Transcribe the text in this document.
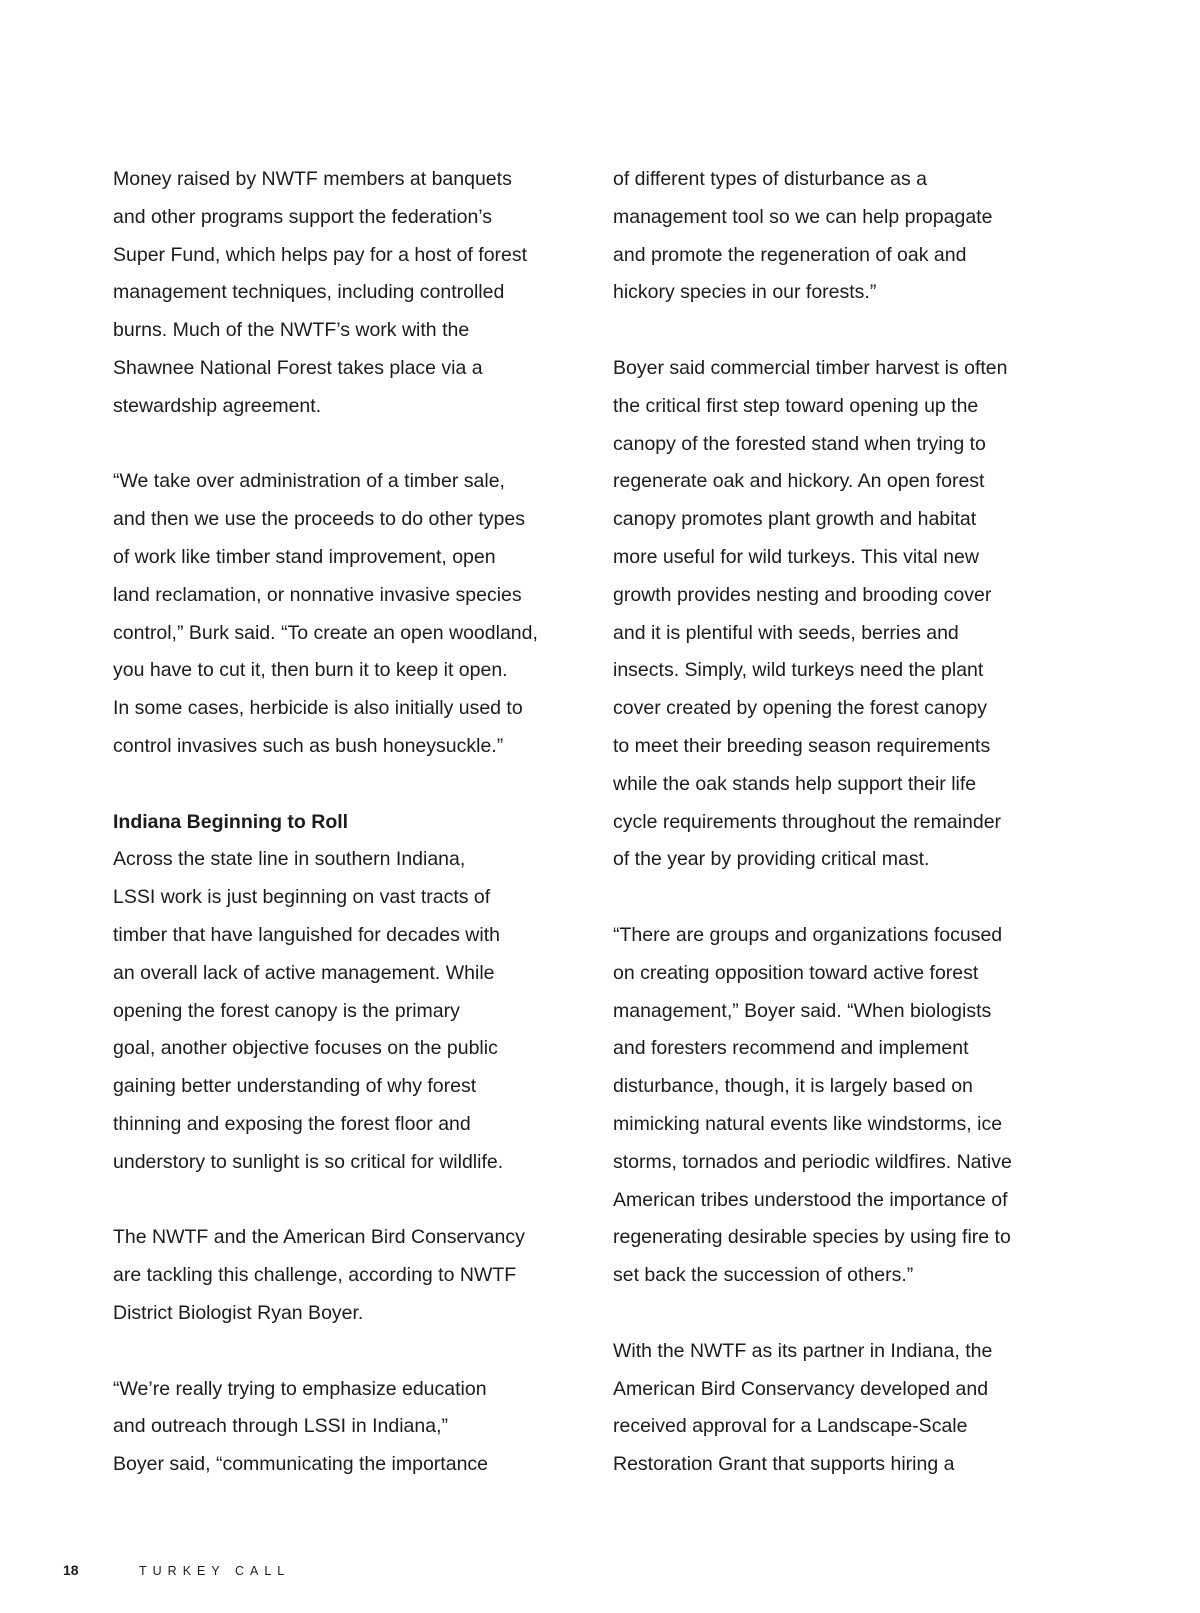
Money raised by NWTF members at banquets
and other programs support the federation’s
Super Fund, which helps pay for a host of forest
management techniques, including controlled
burns. Much of the NWTF’s work with the
Shawnee National Forest takes place via a
stewardship agreement.

“We take over administration of a timber sale,
and then we use the proceeds to do other types
of work like timber stand improvement, open
land reclamation, or nonnative invasive species
control,” Burk said. “To create an open woodland,
you have to cut it, then burn it to keep it open.
In some cases, herbicide is also initially used to
control invasives such as bush honeysuckle.”

Indiana Beginning to Roll

Across the state line in southern Indiana,
LSSI work is just beginning on vast tracts of
timber that have languished for decades with
an overall lack of active management. While
opening the forest canopy is the primary
goal, another objective focuses on the public
gaining better understanding of why forest
thinning and exposing the forest floor and
understory to sunlight is so critical for wildlife.

The NWTF and the American Bird Conservancy
are tackling this challenge, according to NWTF
District Biologist Ryan Boyer.

“We’re really trying to emphasize education
and outreach through LSSI in Indiana,”
Boyer said, “communicating the importance

of different types of disturbance as a
management tool so we can help propagate
and promote the regeneration of oak and
hickory species in our forests.”

Boyer said commercial timber harvest is often
the critical first step toward opening up the
canopy of the forested stand when trying to
regenerate oak and hickory. An open forest
canopy promotes plant growth and habitat
more useful for wild turkeys. This vital new
growth provides nesting and brooding cover
and it is plentiful with seeds, berries and
insects. Simply, wild turkeys need the plant
cover created by opening the forest canopy
to meet their breeding season requirements
while the oak stands help support their life
cycle requirements throughout the remainder
of the year by providing critical mast.

“There are groups and organizations focused
on creating opposition toward active forest
management,” Boyer said. “When biologists
and foresters recommend and implement
disturbance, though, it is largely based on
mimicking natural events like windstorms, ice
storms, tornados and periodic wildfires. Native
American tribes understood the importance of
regenerating desirable species by using fire to
set back the succession of others.”

With the NWTF as its partner in Indiana, the
American Bird Conservancy developed and
received approval for a Landscape-Scale
Restoration Grant that supports hiring a

18	TURKEY CALL
